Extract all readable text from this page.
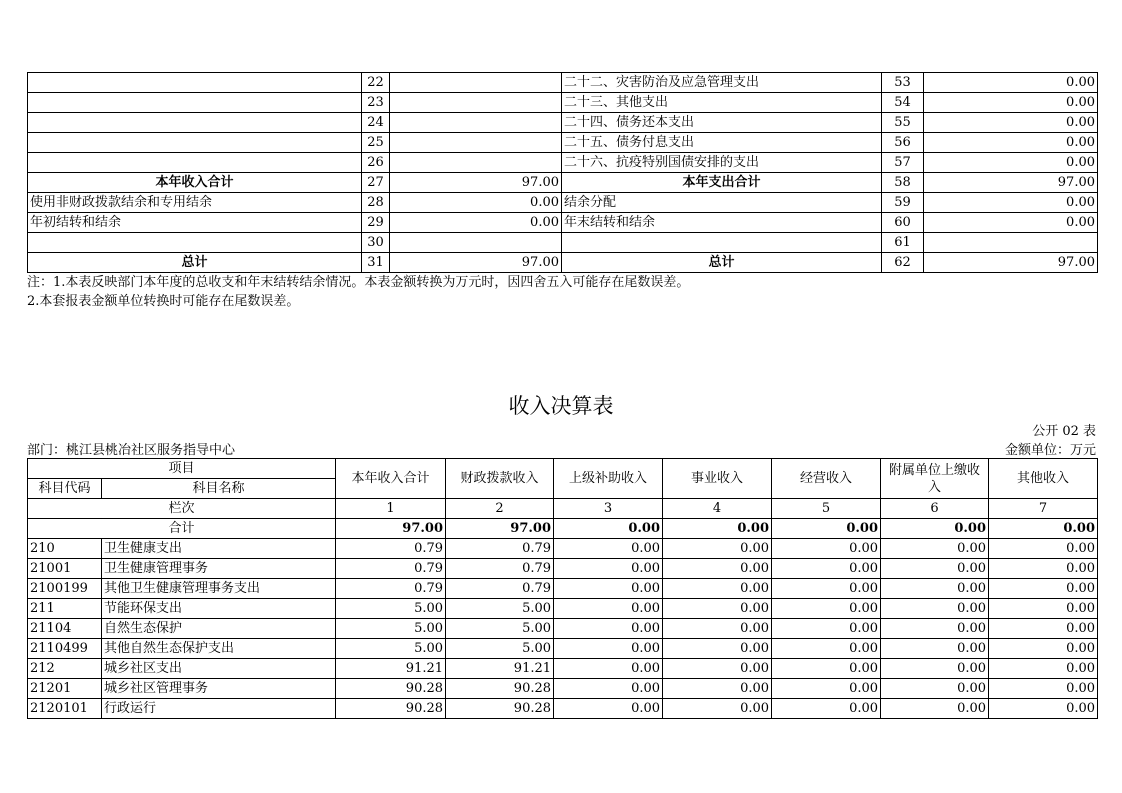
	22		二十二、灾害防治及应急管理支出	53	0.00
	23		二十三、其他支出	54	0.00
	24		二十四、债务还本支出	55	0.00
	25		二十五、债务付息支出	56	0.00
	26		二十六、抗疫特别国债安排的支出	57	0.00
本年收入合计	27	97.00	本年支出合计	58	97.00
使用非财政拨款结余和专用结余	28	0.00	结余分配	59	0.00
年初结转和结余	29	0.00	年末结转和结余	60	0.00
	30			61	
总计	31	97.00	总计	62	97.00
注：1.本表反映部门本年度的总收支和年末结转结余情况。本表金额转换为万元时，因四舍五入可能存在尾数误差。
2.本套报表金额单位转换时可能存在尾数误差。
收入决算表
公开 02 表
部门：桃江县桃冶社区服务指导中心	金额单位：万元
项目		本年收入合计	财政拨款收入	上级补助收入	事业收入	经营收入	附属单位上缴收入	其他收入
科目代码	科目名称							
栏次		1	2	3	4	5	6	7
合计		97.00	97.00	0.00	0.00	0.00	0.00	0.00
210	卫生健康支出	0.79	0.79	0.00	0.00	0.00	0.00	0.00
21001	卫生健康管理事务	0.79	0.79	0.00	0.00	0.00	0.00	0.00
2100199	其他卫生健康管理事务支出	0.79	0.79	0.00	0.00	0.00	0.00	0.00
211	节能环保支出	5.00	5.00	0.00	0.00	0.00	0.00	0.00
21104	自然生态保护	5.00	5.00	0.00	0.00	0.00	0.00	0.00
2110499	其他自然生态保护支出	5.00	5.00	0.00	0.00	0.00	0.00	0.00
212	城乡社区支出	91.21	91.21	0.00	0.00	0.00	0.00	0.00
21201	城乡社区管理事务	90.28	90.28	0.00	0.00	0.00	0.00	0.00
2120101	行政运行	90.28	90.28	0.00	0.00	0.00	0.00	0.00
